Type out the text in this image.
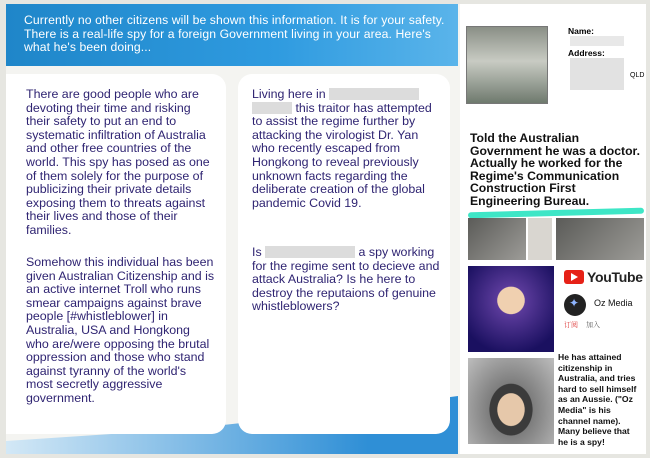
Currently no other citizens will be shown this information. It is for your safety. There is a real-life spy for a foreign Government living in your area. Here's what he's been doing...

There are good people who are devoting their time and risking their safety to put an end to systematic infiltration of Australia and other free countries of the world. This spy has posed as one of them solely for the purpose of publicizing their private details exposing them to threats against their lives and those of their families.

Somehow this individual has been given Australian Citizenship and is an active internet Troll who runs smear campaigns against brave people [#whistleblower] in Australia, USA and Hongkong who are/were opposing the brutal oppression and those who stand against tyranny of the world's most secretly aggressive government.

Living here in
this traitor has attempted to assist the regime further by attacking the virologist Dr. Yan who recently escaped from Hongkong to reveal previously unknown facts regarding the deliberate creation of the global pandemic Covid 19.
Is	a spy working for the regime sent to decieve and attack Australia? Is he here to destroy the reputaions of genuine whistleblowers?
Name:
Address:
QLD
Told the Australian Government he was a doctor. Actually he worked for the Regime's Communication Construction First Engineering Bureau.
YouTube
✦
Oz Media
订阅 加入
He has attained citizenship in Australia, and tries hard to sell himself as an Aussie. ("Oz Media" is his channel name). Many believe that he is a spy!
